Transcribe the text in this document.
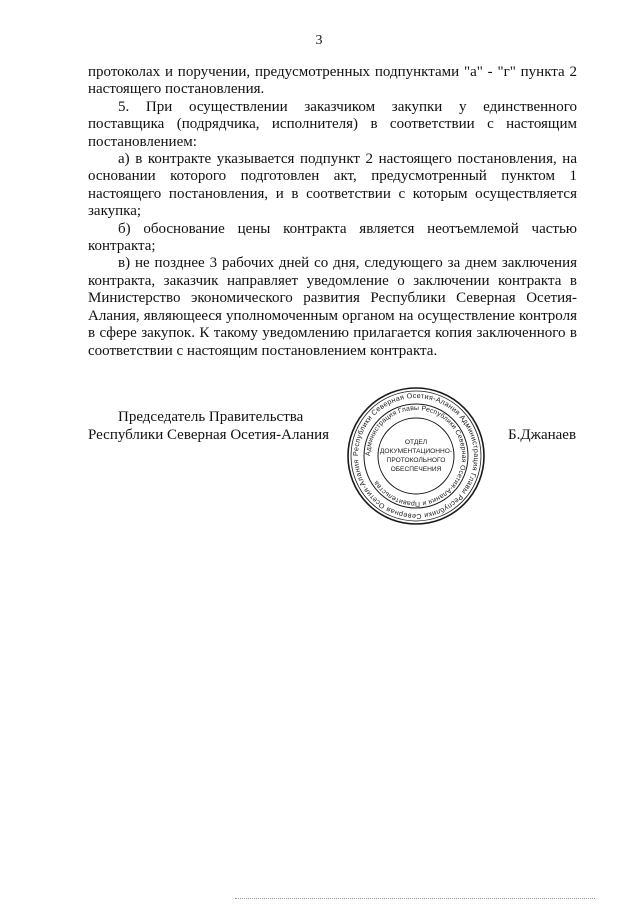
3

протоколах и поручении, предусмотренных подпунктами "а" - "г" пункта 2 настоящего постановления.

5. При осуществлении заказчиком закупки у единственного поставщика (подрядчика, исполнителя) в соответствии с настоящим постановлением:

а) в контракте указывается подпункт 2 настоящего постановления, на основании которого подготовлен акт, предусмотренный пунктом 1 настоящего постановления, и в соответствии с которым осуществляется закупка;

б) обоснование цены контракта является неотъемлемой частью контракта;

в) не позднее 3 рабочих дней со дня, следующего за днем заключения контракта, заказчик направляет уведомление о заключении контракта в Министерство экономического развития Республики Северная Осетия-Алания, являющееся уполномоченным органом на осуществление контроля в сфере закупок. К такому уведомлению прилагается копия заключенного в соответствии с настоящим постановлением контракта.

Председатель Правительства
Республики Северная Осетия-Алания
Республики Северная Осетия-Алания Администрация Главы Республики Северная Осетия-Алания
Администрация Главы Республики Северная Осетия-Алания и Правительства
ОТДЕЛ
ДОКУМЕНТАЦИОННО-
ПРОТОКОЛЬНОГО
ОБЕСПЕЧЕНИЯ
Б.Джанаев
